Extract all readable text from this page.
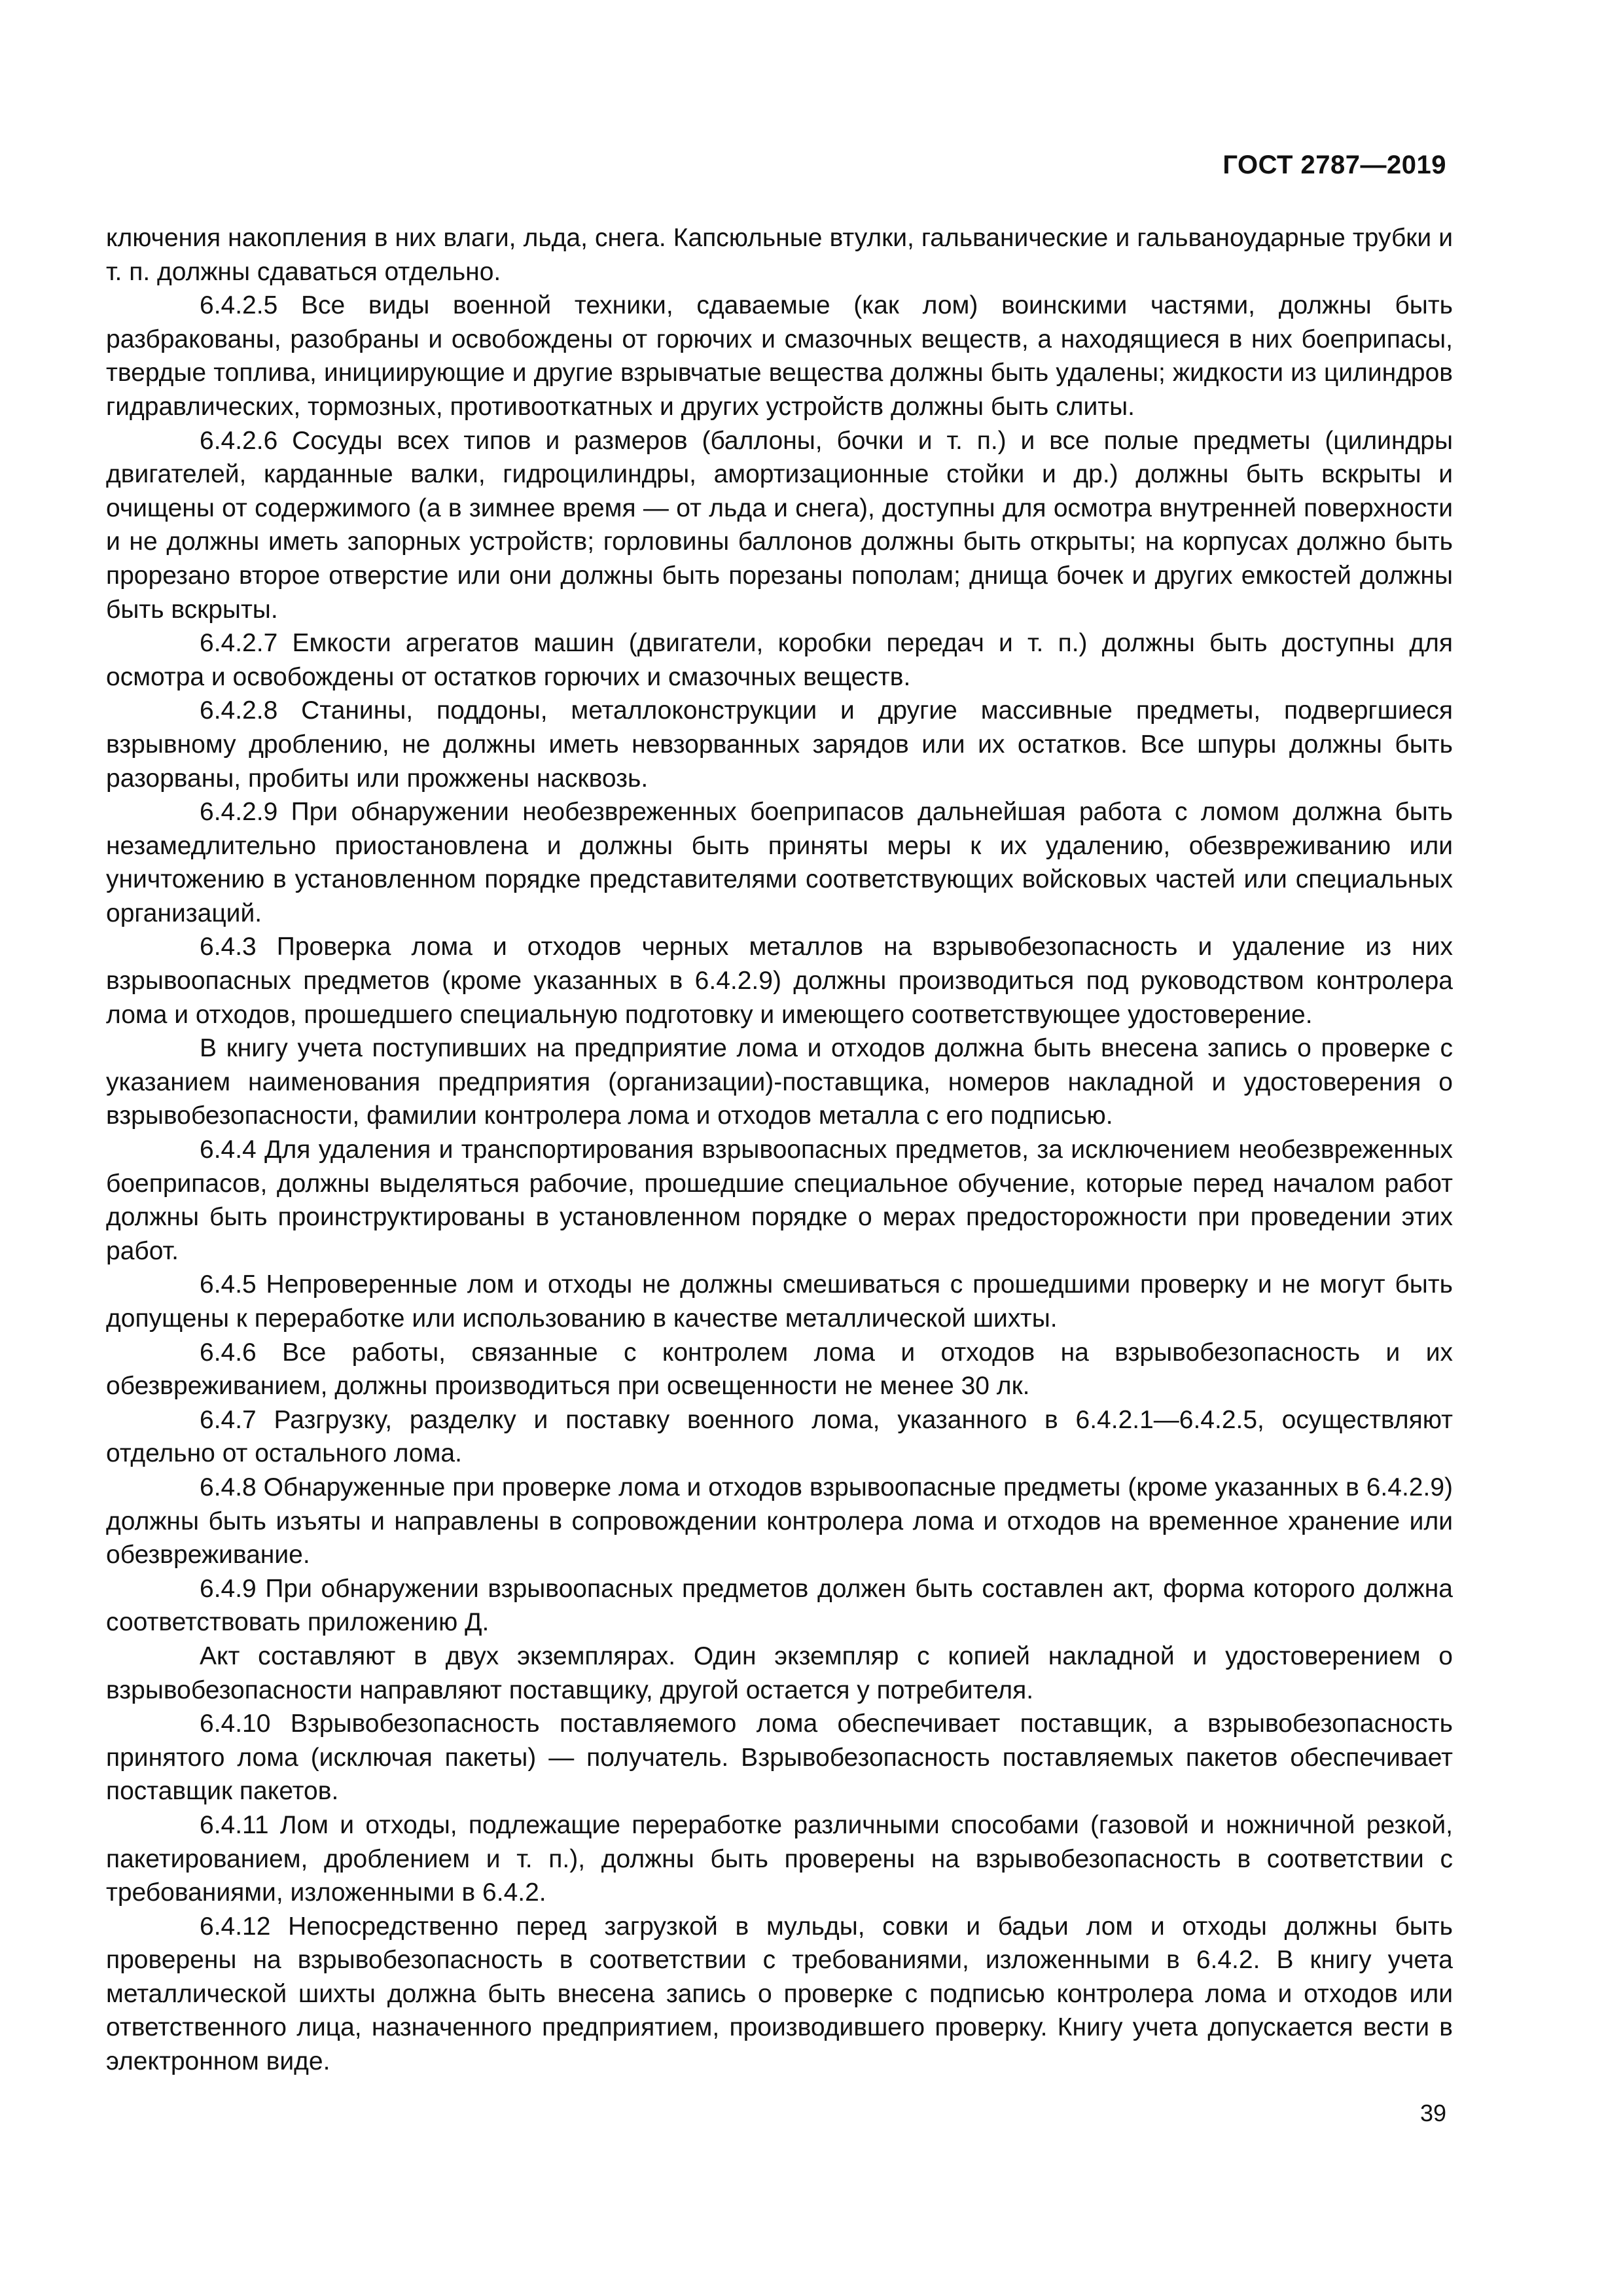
ГОСТ 2787—2019

ключения накопления в них влаги, льда, снега. Капсюльные втулки, гальванические и гальваноударные трубки и т. п. должны сдаваться отдельно.

6.4.2.5 Все виды военной техники, сдаваемые (как лом) воинскими частями, должны быть разбракованы, разобраны и освобождены от горючих и смазочных веществ, а находящиеся в них боеприпасы, твердые топлива, инициирующие и другие взрывчатые вещества должны быть удалены; жидкости из цилиндров гидравлических, тормозных, противооткатных и других устройств должны быть слиты.

6.4.2.6 Сосуды всех типов и размеров (баллоны, бочки и т. п.) и все полые предметы (цилиндры двигателей, карданные валки, гидроцилиндры, амортизационные стойки и др.) должны быть вскрыты и очищены от содержимого (а в зимнее время — от льда и снега), доступны для осмотра внутренней поверхности и не должны иметь запорных устройств; горловины баллонов должны быть открыты; на корпусах должно быть прорезано второе отверстие или они должны быть порезаны пополам; днища бочек и других емкостей должны быть вскрыты.

6.4.2.7 Емкости агрегатов машин (двигатели, коробки передач и т. п.) должны быть доступны для осмотра и освобождены от остатков горючих и смазочных веществ.

6.4.2.8 Станины, поддоны, металлоконструкции и другие массивные предметы, подвергшиеся взрывному дроблению, не должны иметь невзорванных зарядов или их остатков. Все шпуры должны быть разорваны, пробиты или прожжены насквозь.

6.4.2.9 При обнаружении необезвреженных боеприпасов дальнейшая работа с ломом должна быть незамедлительно приостановлена и должны быть приняты меры к их удалению, обезвреживанию или уничтожению в установленном порядке представителями соответствующих войсковых частей или специальных организаций.

6.4.3 Проверка лома и отходов черных металлов на взрывобезопасность и удаление из них взрывоопасных предметов (кроме указанных в 6.4.2.9) должны производиться под руководством контролера лома и отходов, прошедшего специальную подготовку и имеющего соответствующее удостоверение.

В книгу учета поступивших на предприятие лома и отходов должна быть внесена запись о проверке с указанием наименования предприятия (организации)-поставщика, номеров накладной и удостоверения о взрывобезопасности, фамилии контролера лома и отходов металла с его подписью.

6.4.4 Для удаления и транспортирования взрывоопасных предметов, за исключением необезвреженных боеприпасов, должны выделяться рабочие, прошедшие специальное обучение, которые перед началом работ должны быть проинструктированы в установленном порядке о мерах предосторожности при проведении этих работ.

6.4.5 Непроверенные лом и отходы не должны смешиваться с прошедшими проверку и не могут быть допущены к переработке или использованию в качестве металлической шихты.

6.4.6 Все работы, связанные с контролем лома и отходов на взрывобезопасность и их обезвреживанием, должны производиться при освещенности не менее 30 лк.

6.4.7 Разгрузку, разделку и поставку военного лома, указанного в 6.4.2.1—6.4.2.5, осуществляют отдельно от остального лома.

6.4.8 Обнаруженные при проверке лома и отходов взрывоопасные предметы (кроме указанных в 6.4.2.9) должны быть изъяты и направлены в сопровождении контролера лома и отходов на временное хранение или обезвреживание.

6.4.9 При обнаружении взрывоопасных предметов должен быть составлен акт, форма которого должна соответствовать приложению Д.

Акт составляют в двух экземплярах. Один экземпляр с копией накладной и удостоверением о взрывобезопасности направляют поставщику, другой остается у потребителя.

6.4.10 Взрывобезопасность поставляемого лома обеспечивает поставщик, а взрывобезопасность принятого лома (исключая пакеты) — получатель. Взрывобезопасность поставляемых пакетов обеспечивает поставщик пакетов.

6.4.11 Лом и отходы, подлежащие переработке различными способами (газовой и ножничной резкой, пакетированием, дроблением и т. п.), должны быть проверены на взрывобезопасность в соответствии с требованиями, изложенными в 6.4.2.

6.4.12 Непосредственно перед загрузкой в мульды, совки и бадьи лом и отходы должны быть проверены на взрывобезопасность в соответствии с требованиями, изложенными в 6.4.2. В книгу учета металлической шихты должна быть внесена запись о проверке с подписью контролера лома и отходов или ответственного лица, назначенного предприятием, производившего проверку. Книгу учета допускается вести в электронном виде.

39
